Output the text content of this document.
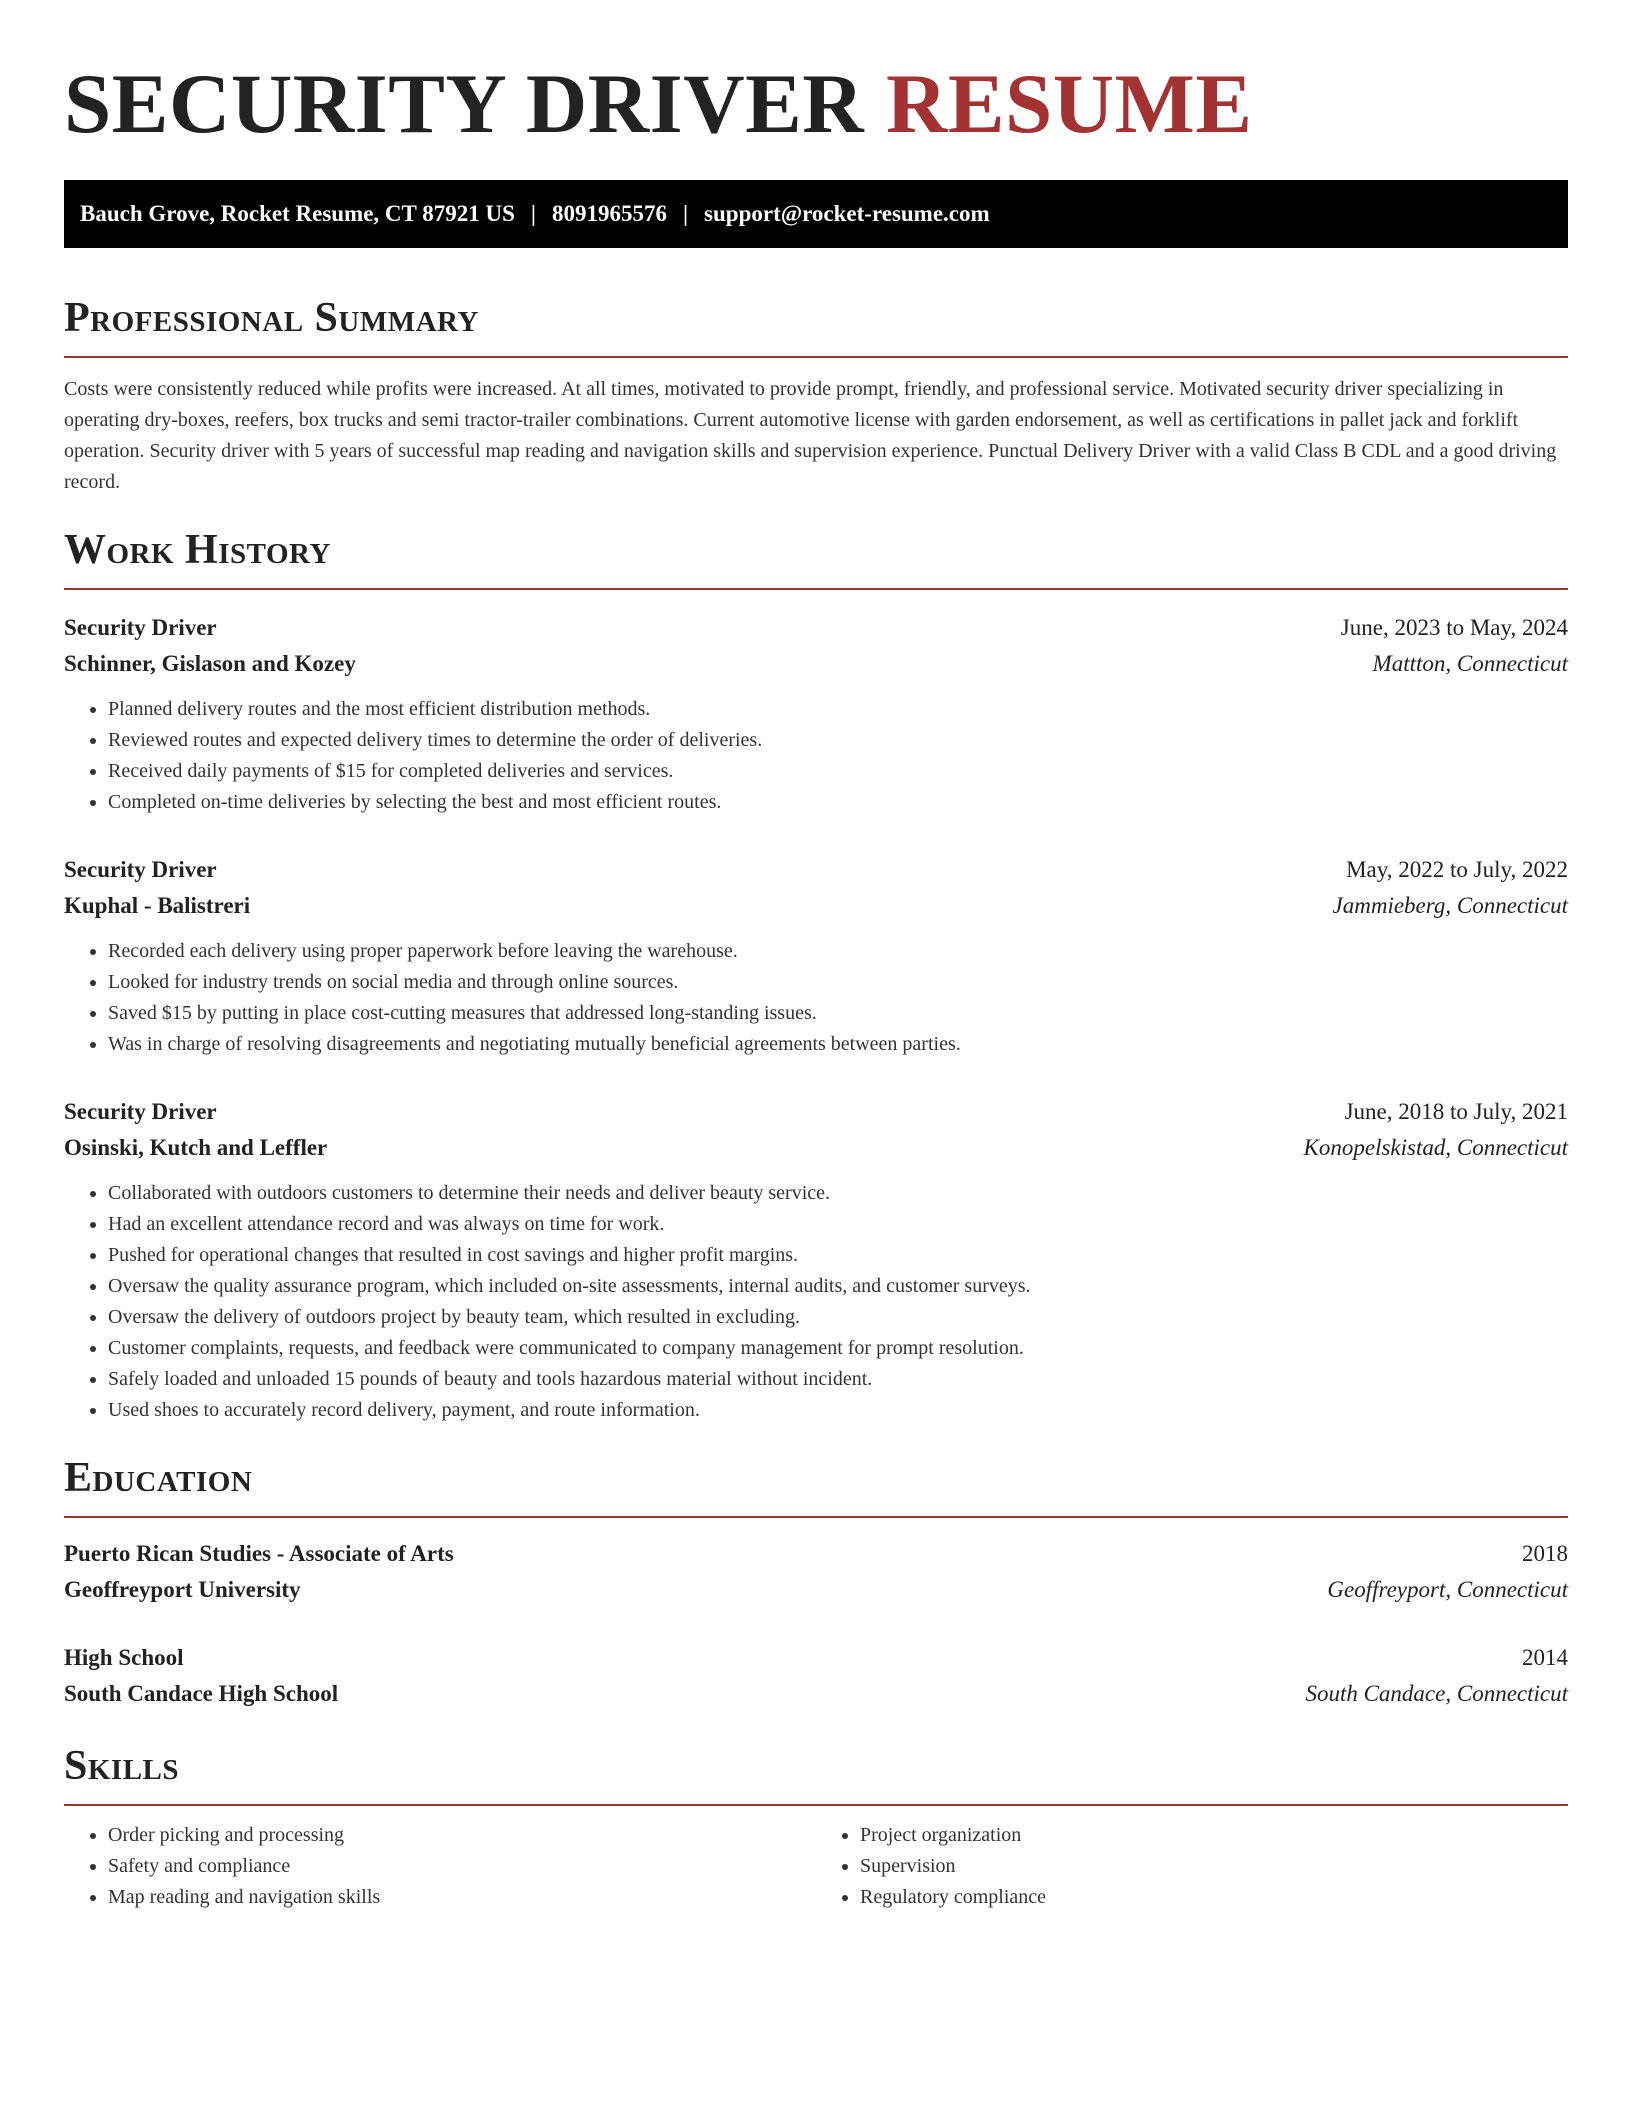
SECURITY DRIVER RESUME
Bauch Grove, Rocket Resume, CT 87921 US | 8091965576 | support@rocket-resume.com
Professional Summary

Costs were consistently reduced while profits were increased. At all times, motivated to provide prompt, friendly, and professional service. Motivated security driver specializing in operating dry-boxes, reefers, box trucks and semi tractor-trailer combinations. Current automotive license with garden endorsement, as well as certifications in pallet jack and forklift operation. Security driver with 5 years of successful map reading and navigation skills and supervision experience. Punctual Delivery Driver with a valid Class B CDL and a good driving record.

Work History
Security Driver	June, 2023 to May, 2024
Schinner, Gislason and Kozey	Mattton, Connecticut
• Planned delivery routes and the most efficient distribution methods.
• Reviewed routes and expected delivery times to determine the order of deliveries.
• Received daily payments of $15 for completed deliveries and services.
• Completed on-time deliveries by selecting the best and most efficient routes.
Security Driver	May, 2022 to July, 2022
Kuphal - Balistreri	Jammieberg, Connecticut
• Recorded each delivery using proper paperwork before leaving the warehouse.
• Looked for industry trends on social media and through online sources.
• Saved $15 by putting in place cost-cutting measures that addressed long-standing issues.
• Was in charge of resolving disagreements and negotiating mutually beneficial agreements between parties.
Security Driver	June, 2018 to July, 2021
Osinski, Kutch and Leffler	Konopelskistad, Connecticut
• Collaborated with outdoors customers to determine their needs and deliver beauty service.
• Had an excellent attendance record and was always on time for work.
• Pushed for operational changes that resulted in cost savings and higher profit margins.
• Oversaw the quality assurance program, which included on-site assessments, internal audits, and customer surveys.
• Oversaw the delivery of outdoors project by beauty team, which resulted in excluding.
• Customer complaints, requests, and feedback were communicated to company management for prompt resolution.
• Safely loaded and unloaded 15 pounds of beauty and tools hazardous material without incident.
• Used shoes to accurately record delivery, payment, and route information.
Education
Puerto Rican Studies - Associate of Arts	2018
Geoffreyport University	Geoffreyport, Connecticut
High School	2014
South Candace High School	South Candace, Connecticut
Skills
• Order picking and processing
• Safety and compliance
• Map reading and navigation skills
• Project organization
• Supervision
• Regulatory compliance
